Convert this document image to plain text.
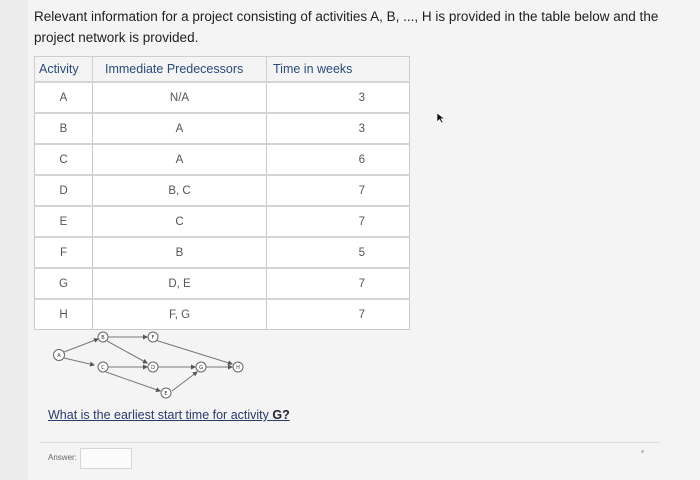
Relevant information for a project consisting of activities A, B, ..., H is provided in the table below and the project network is provided.
Activity	Immediate Predecessors	Time in weeks
A	N/A	3
B	A	3
C	A	6
D	B, C	7
E	C	7
F	B	5
G	D, E	7
H	F, G	7
A
B
C	D
E
F
G	H
What is the earliest start time for activity G?
Answer:
